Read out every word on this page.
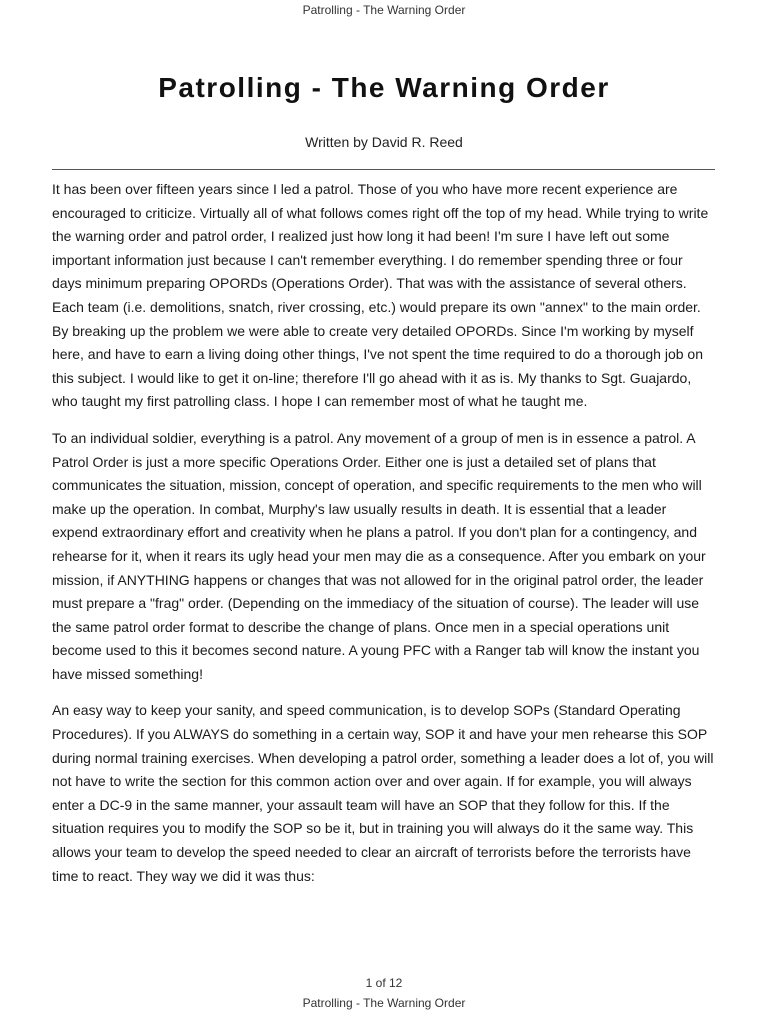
Patrolling - The Warning Order
Patrolling - The Warning Order
Written by David R. Reed

It has been over fifteen years since I led a patrol. Those of you who have more recent experience are encouraged to criticize. Virtually all of what follows comes right off the top of my head. While trying to write the warning order and patrol order, I realized just how long it had been! I'm sure I have left out some important information just because I can't remember everything. I do remember spending three or four days minimum preparing OPORDs (Operations Order). That was with the assistance of several others. Each team (i.e. demolitions, snatch, river crossing, etc.) would prepare its own "annex" to the main order. By breaking up the problem we were able to create very detailed OPORDs. Since I'm working by myself here, and have to earn a living doing other things, I've not spent the time required to do a thorough job on this subject. I would like to get it on-line; therefore I'll go ahead with it as is. My thanks to Sgt. Guajardo, who taught my first patrolling class. I hope I can remember most of what he taught me.

To an individual soldier, everything is a patrol. Any movement of a group of men is in essence a patrol. A Patrol Order is just a more specific Operations Order. Either one is just a detailed set of plans that communicates the situation, mission, concept of operation, and specific requirements to the men who will make up the operation. In combat, Murphy's law usually results in death. It is essential that a leader expend extraordinary effort and creativity when he plans a patrol. If you don't plan for a contingency, and rehearse for it, when it rears its ugly head your men may die as a consequence. After you embark on your mission, if ANYTHING happens or changes that was not allowed for in the original patrol order, the leader must prepare a "frag" order. (Depending on the immediacy of the situation of course). The leader will use the same patrol order format to describe the change of plans. Once men in a special operations unit become used to this it becomes second nature. A young PFC with a Ranger tab will know the instant you have missed something!

An easy way to keep your sanity, and speed communication, is to develop SOPs (Standard Operating Procedures). If you ALWAYS do something in a certain way, SOP it and have your men rehearse this SOP during normal training exercises. When developing a patrol order, something a leader does a lot of, you will not have to write the section for this common action over and over again. If for example, you will always enter a DC-9 in the same manner, your assault team will have an SOP that they follow for this. If the situation requires you to modify the SOP so be it, but in training you will always do it the same way. This allows your team to develop the speed needed to clear an aircraft of terrorists before the terrorists have time to react. They way we did it was thus:

1 of 12
Patrolling - The Warning Order
